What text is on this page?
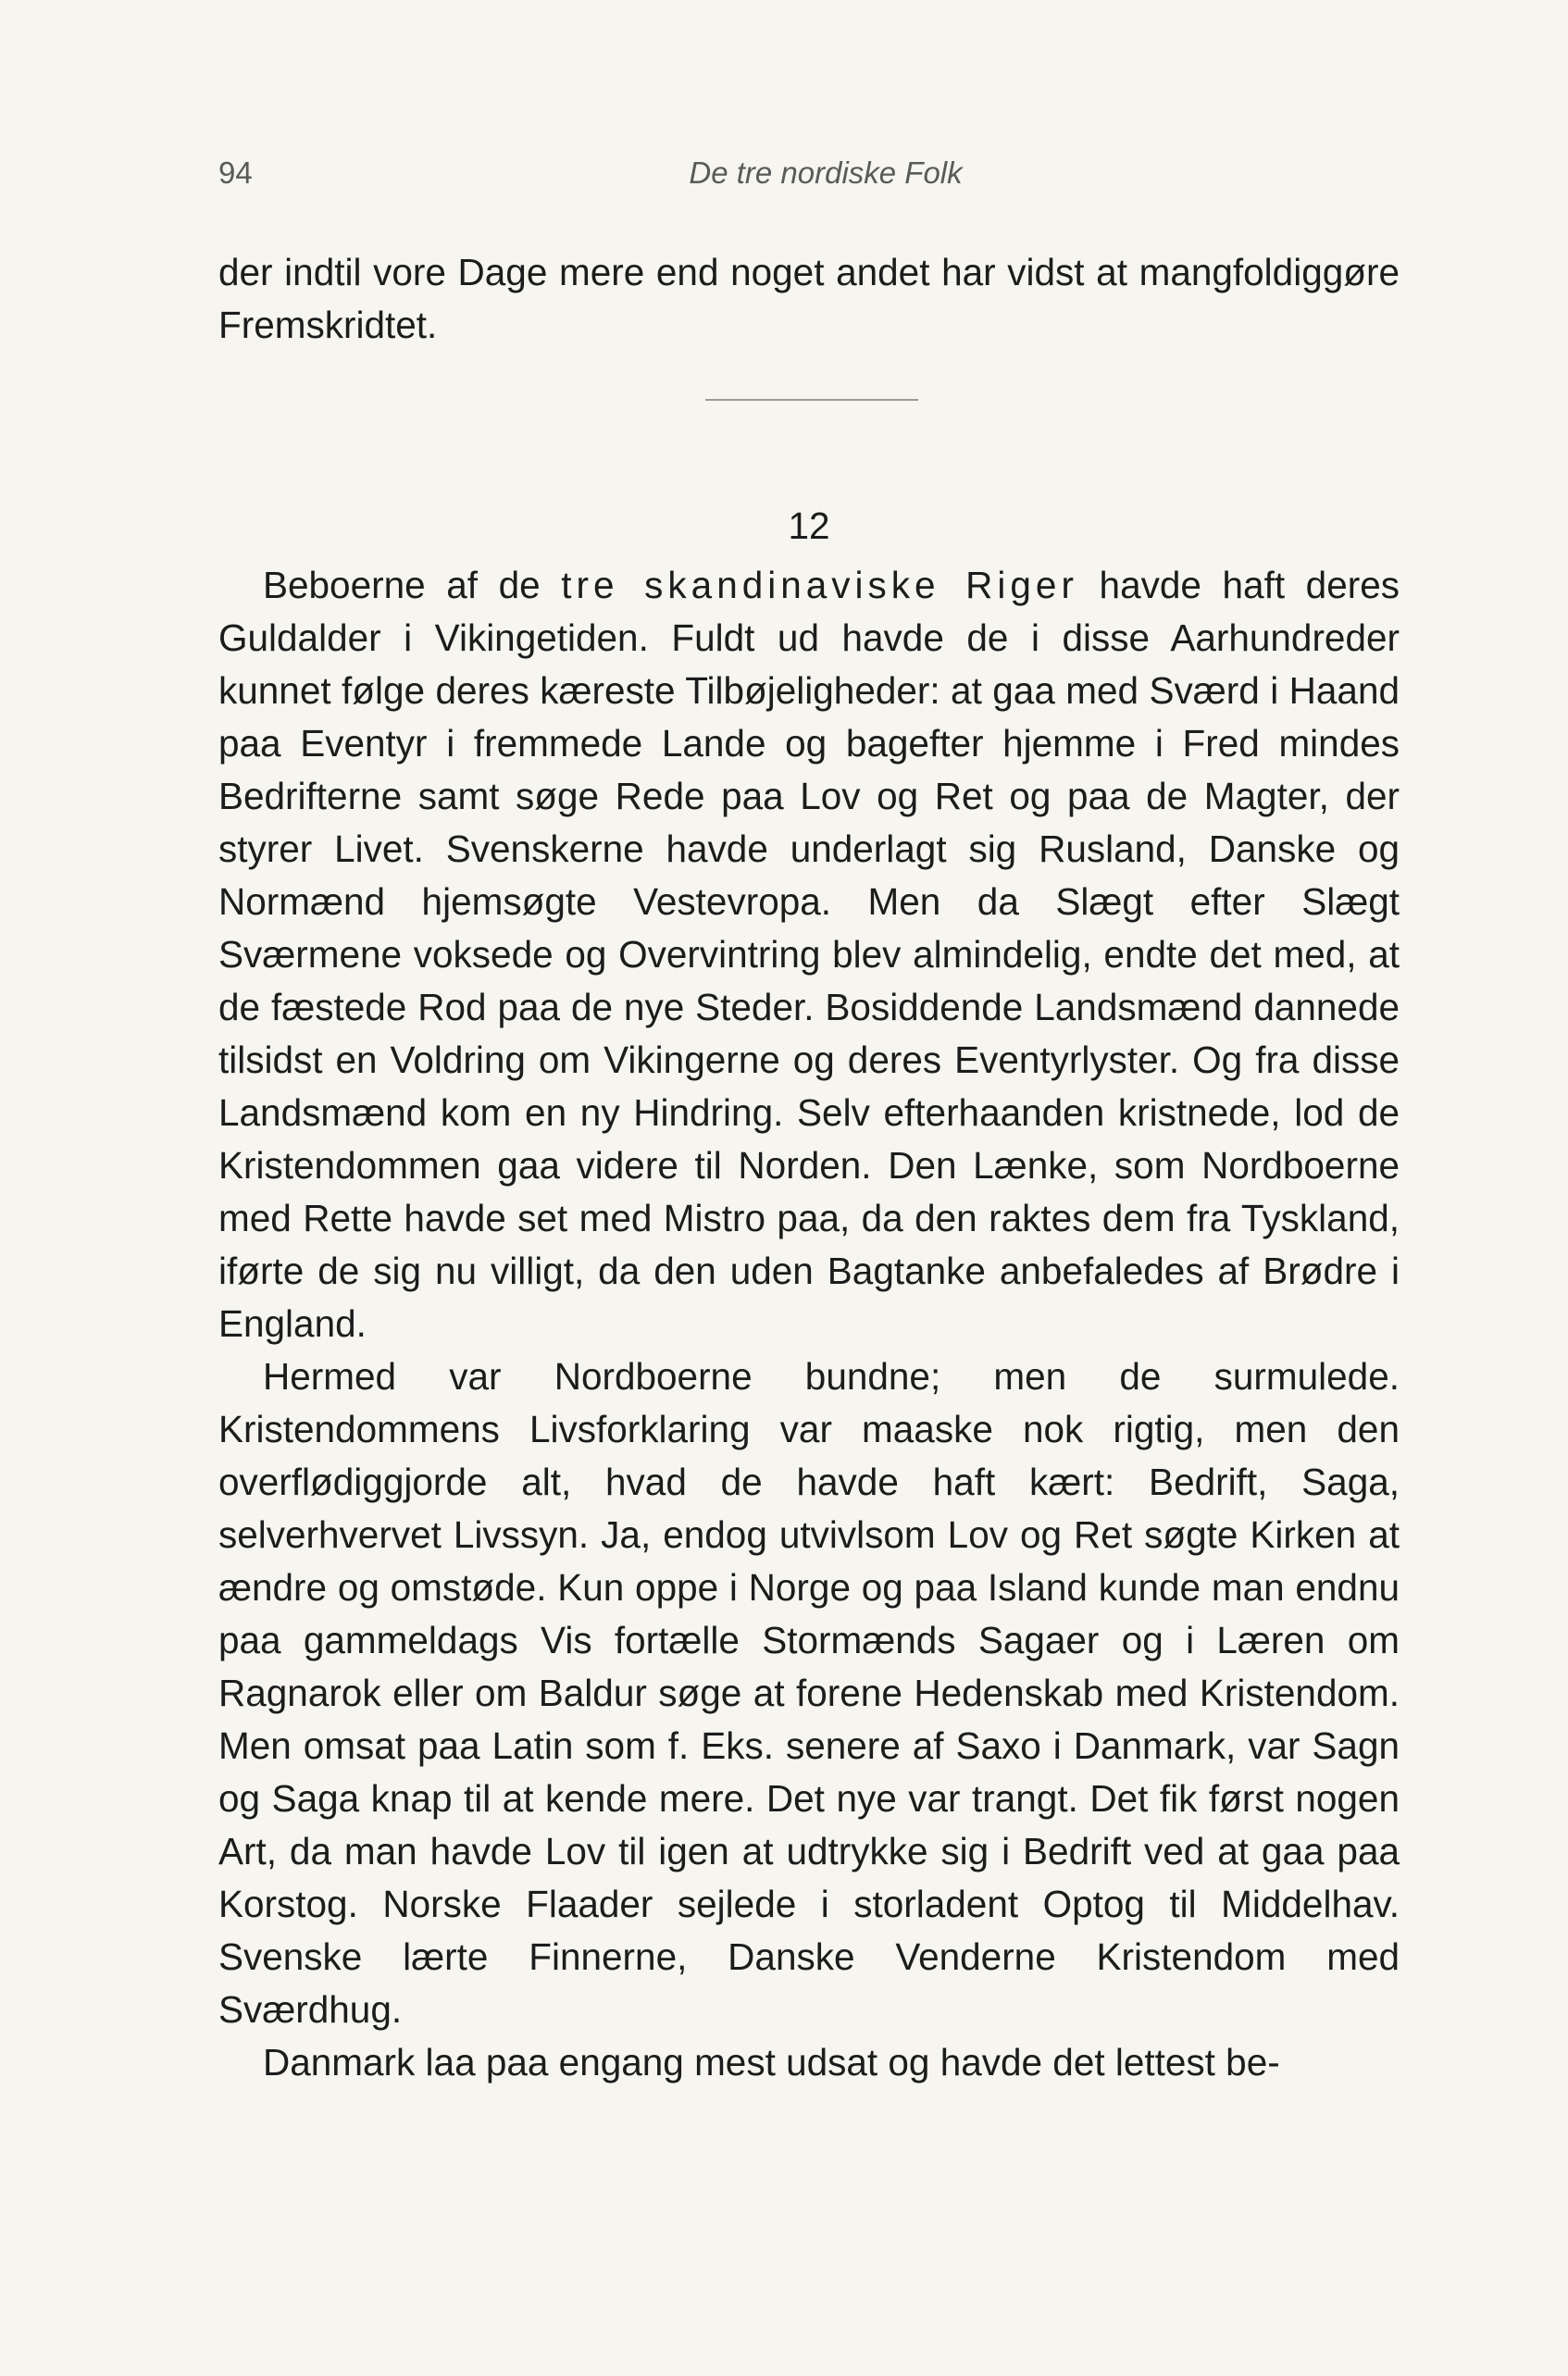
94	De tre nordiske Folk

der indtil vore Dage mere end noget andet har vidst at mangfoldiggøre Fremskridtet.

12

Beboerne af de tre skandinaviske Riger havde haft deres Guldalder i Vikingetiden. Fuldt ud havde de i disse Aarhundreder kunnet følge deres kæreste Tilbøjeligheder: at gaa med Sværd i Haand paa Eventyr i fremmede Lande og bagefter hjemme i Fred mindes Bedrifterne samt søge Rede paa Lov og Ret og paa de Magter, der styrer Livet. Svenskerne havde underlagt sig Rusland, Danske og Normænd hjemsøgte Vestevropa. Men da Slægt efter Slægt Sværmene voksede og Overvintring blev almindelig, endte det med, at de fæstede Rod paa de nye Steder. Bosiddende Landsmænd dannede tilsidst en Voldring om Vikingerne og deres Eventyrlyster. Og fra disse Landsmænd kom en ny Hindring. Selv efterhaanden kristnede, lod de Kristendommen gaa videre til Norden. Den Lænke, som Nordboerne med Rette havde set med Mistro paa, da den raktes dem fra Tyskland, iførte de sig nu villigt, da den uden Bagtanke anbefaledes af Brødre i England.

Hermed var Nordboerne bundne; men de surmulede. Kristendommens Livsforklaring var maaske nok rigtig, men den overflødiggjorde alt, hvad de havde haft kært: Bedrift, Saga, selverhvervet Livssyn. Ja, endog utvivlsom Lov og Ret søgte Kirken at ændre og omstøde. Kun oppe i Norge og paa Island kunde man endnu paa gammeldags Vis fortælle Stormænds Sagaer og i Læren om Ragnarok eller om Baldur søge at forene Hedenskab med Kristendom. Men omsat paa Latin som f. Eks. senere af Saxo i Danmark, var Sagn og Saga knap til at kende mere. Det nye var trangt. Det fik først nogen Art, da man havde Lov til igen at udtrykke sig i Bedrift ved at gaa paa Korstog. Norske Flaader sejlede i storladent Optog til Middelhav. Svenske lærte Finnerne, Danske Venderne Kristendom med Sværdhug.

Danmark laa paa engang mest udsat og havde det lettest be-
